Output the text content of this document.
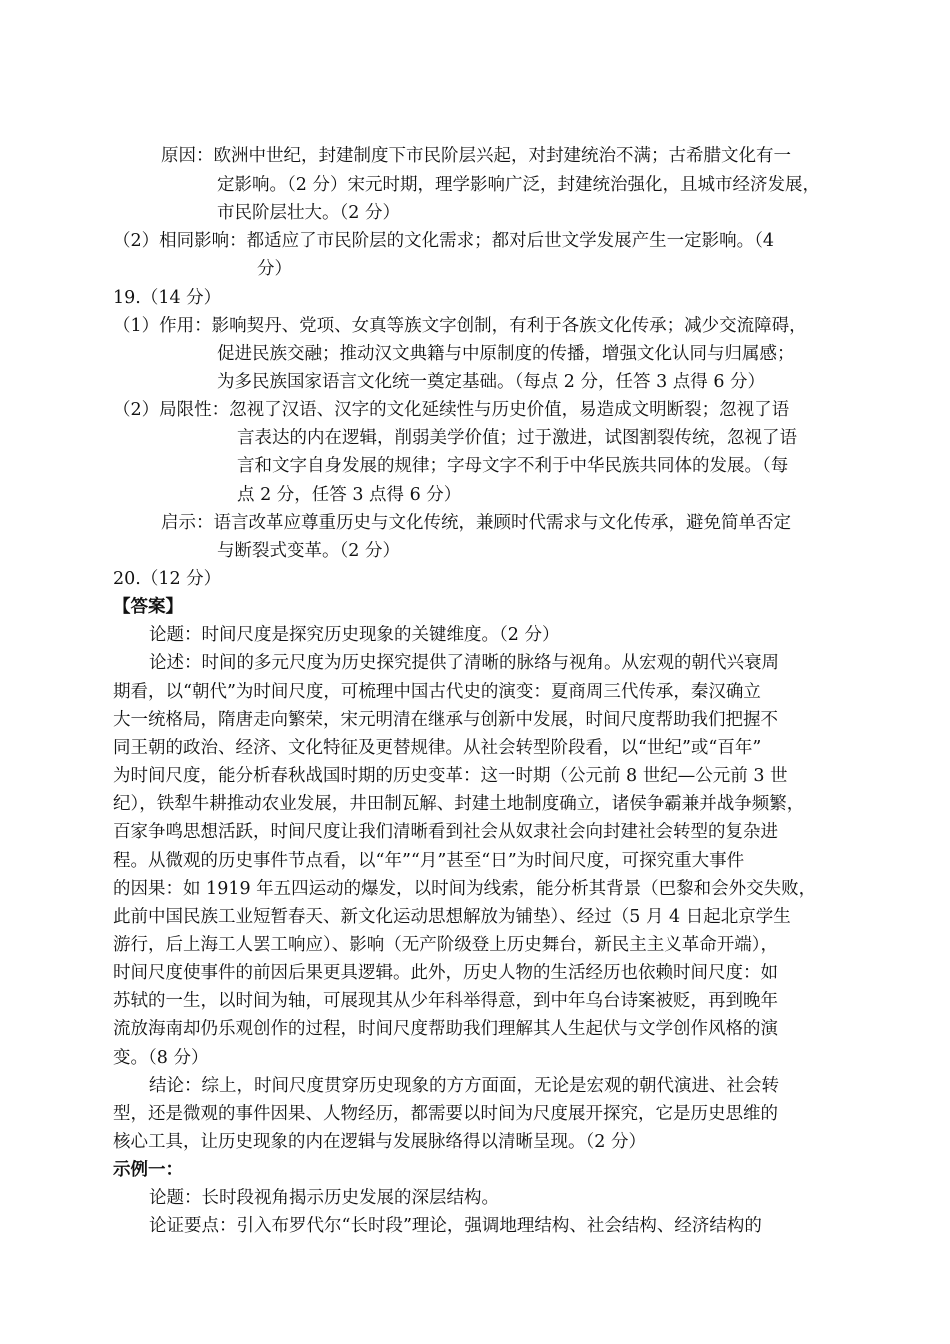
原因：欧洲中世纪，封建制度下市民阶层兴起，对封建统治不满；古希腊文化有一
定影响。（2 分）宋元时期，理学影响广泛，封建统治强化，且城市经济发展，
市民阶层壮大。（2 分）
（2）相同影响：都适应了市民阶层的文化需求；都对后世文学发展产生一定影响。（4
分）
19.（14 分）
（1）作用：影响契丹、党项、女真等族文字创制，有利于各族文化传承；减少交流障碍，
促进民族交融；推动汉文典籍与中原制度的传播，增强文化认同与归属感；
为多民族国家语言文化统一奠定基础。（每点 2 分，任答 3 点得 6 分）
（2）局限性：忽视了汉语、汉字的文化延续性与历史价值，易造成文明断裂；忽视了语
言表达的内在逻辑，削弱美学价值；过于激进，试图割裂传统，忽视了语
言和文字自身发展的规律；字母文字不利于中华民族共同体的发展。（每
点 2 分，任答 3 点得 6 分）
启示：语言改革应尊重历史与文化传统，兼顾时代需求与文化传承，避免简单否定
与断裂式变革。（2 分）
20.（12 分）
【答案】
论题：时间尺度是探究历史现象的关键维度。（2 分）
论述：时间的多元尺度为历史探究提供了清晰的脉络与视角。从宏观的朝代兴衰周
期看，以“朝代”为时间尺度，可梳理中国古代史的演变：夏商周三代传承，秦汉确立
大一统格局，隋唐走向繁荣，宋元明清在继承与创新中发展，时间尺度帮助我们把握不
同王朝的政治、经济、文化特征及更替规律。从社会转型阶段看，以“世纪”或“百年”
为时间尺度，能分析春秋战国时期的历史变革：这一时期（公元前 8 世纪—公元前 3 世
纪），铁犁牛耕推动农业发展，井田制瓦解、封建土地制度确立，诸侯争霸兼并战争频繁，
百家争鸣思想活跃，时间尺度让我们清晰看到社会从奴隶社会向封建社会转型的复杂进
程。从微观的历史事件节点看，以“年”“月”甚至“日”为时间尺度，可探究重大事件
的因果：如 1919 年五四运动的爆发，以时间为线索，能分析其背景（巴黎和会外交失败，
此前中国民族工业短暂春天、新文化运动思想解放为铺垫）、经过（5 月 4 日起北京学生
游行，后上海工人罢工响应）、影响（无产阶级登上历史舞台，新民主主义革命开端），
时间尺度使事件的前因后果更具逻辑。此外，历史人物的生活经历也依赖时间尺度：如
苏轼的一生，以时间为轴，可展现其从少年科举得意，到中年乌台诗案被贬，再到晚年
流放海南却仍乐观创作的过程，时间尺度帮助我们理解其人生起伏与文学创作风格的演
变。（8 分）
结论：综上，时间尺度贯穿历史现象的方方面面，无论是宏观的朝代演进、社会转
型，还是微观的事件因果、人物经历，都需要以时间为尺度展开探究，它是历史思维的
核心工具，让历史现象的内在逻辑与发展脉络得以清晰呈现。（2 分）
示例一：
论题：长时段视角揭示历史发展的深层结构。
论证要点：引入布罗代尔“长时段”理论，强调地理结构、社会结构、经济结构的
